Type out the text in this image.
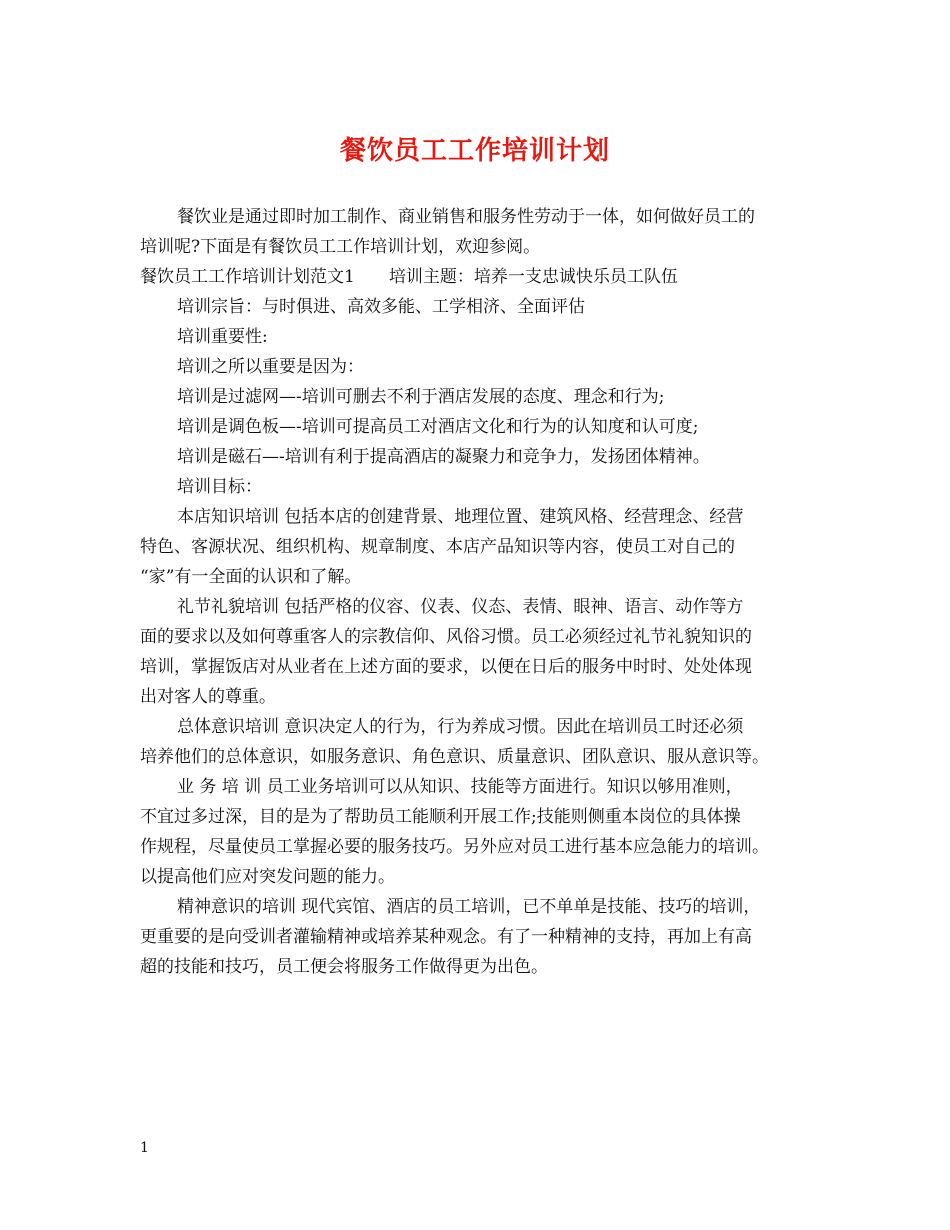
餐饮员工工作培训计划
餐饮业是通过即时加工制作、商业销售和服务性劳动于一体，如何做好员工的
培训呢?下面是有餐饮员工工作培训计划，欢迎参阅。
餐饮员工工作培训计划范文1　　培训主题：培养一支忠诚快乐员工队伍
培训宗旨：与时俱进、高效多能、工学相济、全面评估
培训重要性:
培训之所以重要是因为：
培训是过滤网—-培训可删去不利于酒店发展的态度、理念和行为;
培训是调色板—-培训可提高员工对酒店文化和行为的认知度和认可度;
培训是磁石—-培训有利于提高酒店的凝聚力和竞争力，发扬团体精神。
培训目标：
本店知识培训 包括本店的创建背景、地理位置、建筑风格、经营理念、经营
特色、客源状况、组织机构、规章制度、本店产品知识等内容，使员工对自己的
“家”有一全面的认识和了解。
礼节礼貌培训 包括严格的仪容、仪表、仪态、表情、眼神、语言、动作等方
面的要求以及如何尊重客人的宗教信仰、风俗习惯。员工必须经过礼节礼貌知识的
培训，掌握饭店对从业者在上述方面的要求，以便在日后的服务中时时、处处体现
出对客人的尊重。
总体意识培训 意识决定人的行为，行为养成习惯。因此在培训员工时还必须
培养他们的总体意识，如服务意识、角色意识、质量意识、团队意识、服从意识等。
业 务 培 训 员工业务培训可以从知识、技能等方面进行。知识以够用准则，
不宜过多过深，目的是为了帮助员工能顺利开展工作;技能则侧重本岗位的具体操
作规程，尽量使员工掌握必要的服务技巧。另外应对员工进行基本应急能力的培训。
以提高他们应对突发问题的能力。
精神意识的培训 现代宾馆、酒店的员工培训，已不单单是技能、技巧的培训，
更重要的是向受训者灌输精神或培养某种观念。有了一种精神的支持，再加上有高
超的技能和技巧，员工便会将服务工作做得更为出色。
1
